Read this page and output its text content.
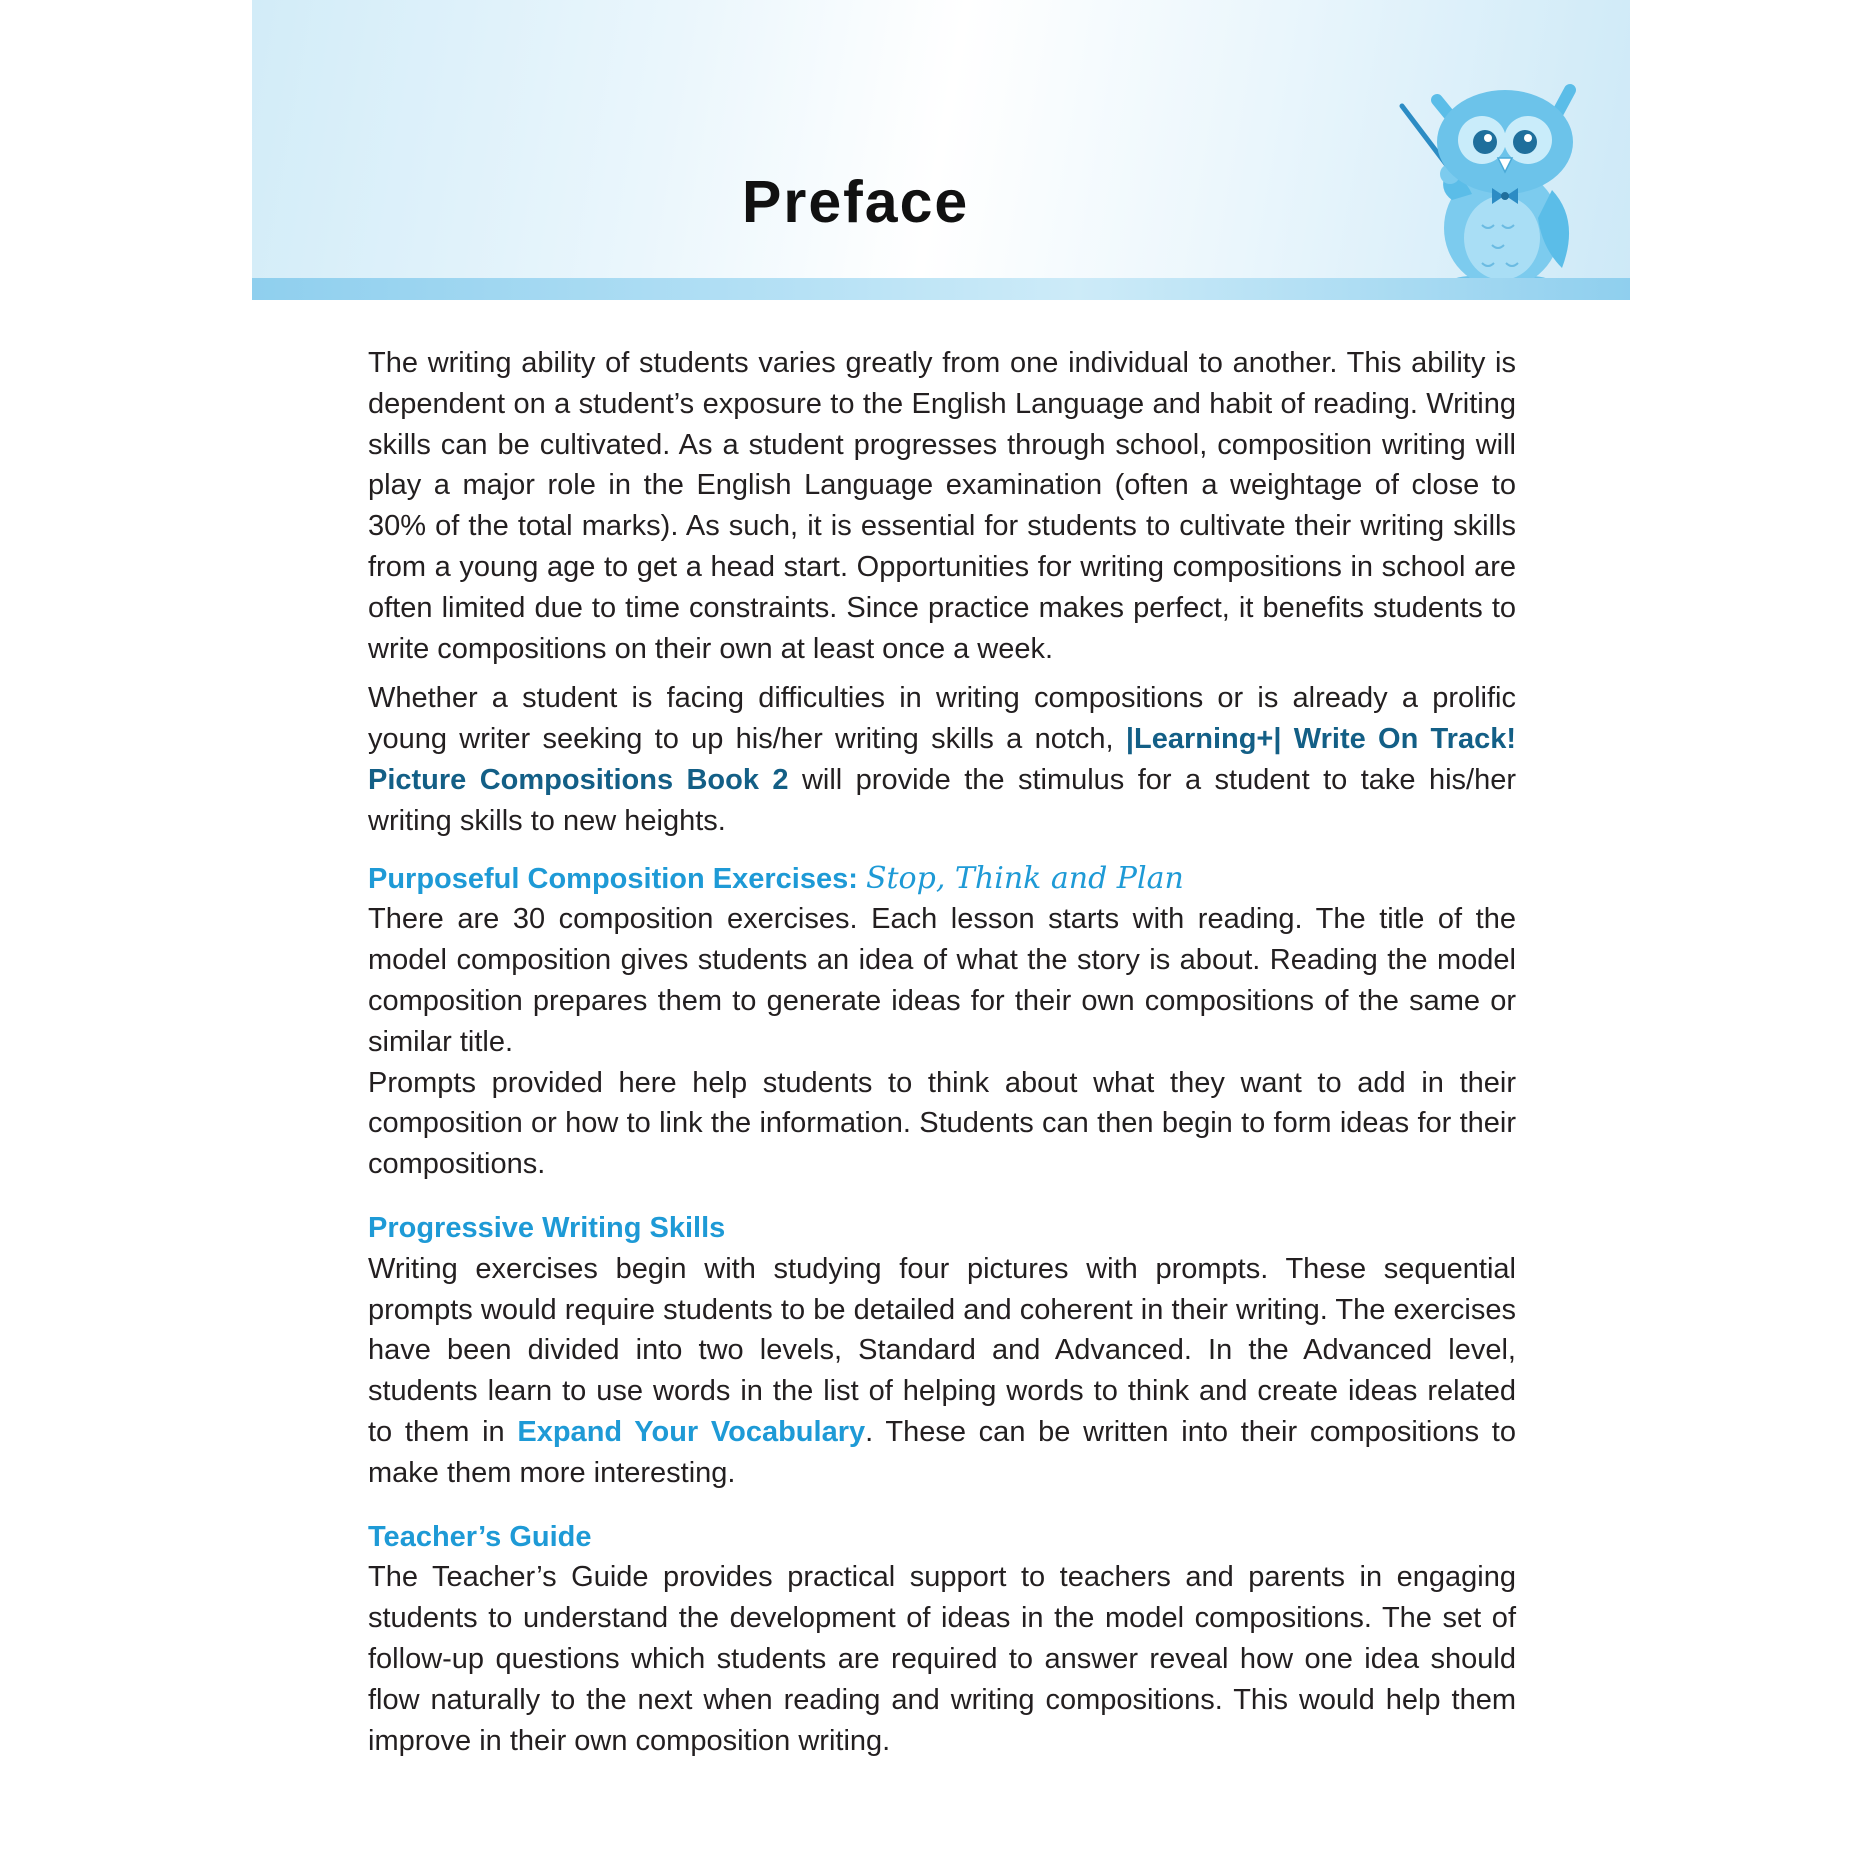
Preface

The writing ability of students varies greatly from one individual to another. This ability is dependent on a student’s exposure to the English Language and habit of reading. Writing skills can be cultivated. As a student progresses through school, composition writing will play a major role in the English Language examination (often a weightage of close to 30% of the total marks). As such, it is essential for students to cultivate their writing skills from a young age to get a head start. Opportunities for writing compositions in school are often limited due to time constraints. Since practice makes perfect, it benefits students to write compositions on their own at least once a week.

Whether a student is facing difficulties in writing compositions or is already a prolific young writer seeking to up his/her writing skills a notch, |Learning+| Write On Track! Picture Compositions Book 2 will provide the stimulus for a student to take his/her writing skills to new heights.

Purposeful Composition Exercises: Stop, Think and Plan

There are 30 composition exercises. Each lesson starts with reading. The title of the model composition gives students an idea of what the story is about. Reading the model composition prepares them to generate ideas for their own compositions of the same or similar title.

Prompts provided here help students to think about what they want to add in their composition or how to link the information. Students can then begin to form ideas for their compositions.

Progressive Writing Skills

Writing exercises begin with studying four pictures with prompts. These sequential prompts would require students to be detailed and coherent in their writing. The exercises have been divided into two levels, Standard and Advanced. In the Advanced level, students learn to use words in the list of helping words to think and create ideas related to them in Expand Your Vocabulary. These can be written into their compositions to make them more interesting.

Teacher’s Guide

The Teacher’s Guide provides practical support to teachers and parents in engaging students to understand the development of ideas in the model compositions. The set of follow-up questions which students are required to answer reveal how one idea should flow naturally to the next when reading and writing compositions. This would help them improve in their own composition writing.
